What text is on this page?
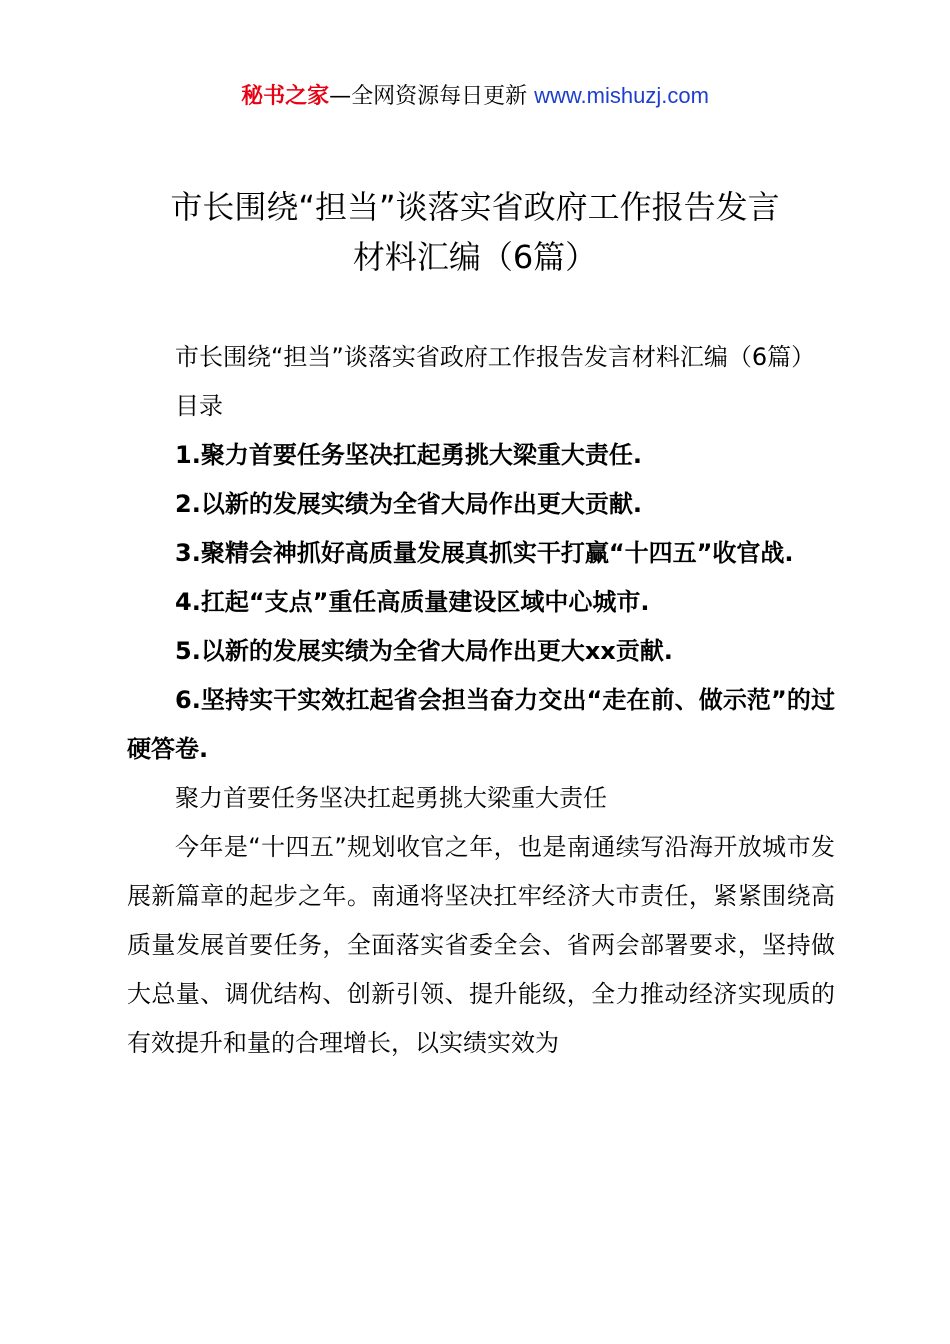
秘书之家—全网资源每日更新 www.mishuzj.com
市长围绕“担当”谈落实省政府工作报告发言
材料汇编（6篇）

市长围绕“担当”谈落实省政府工作报告发言材料汇编（6篇）

目录

1.聚力首要任务坚决扛起勇挑大梁重大责任.

2.以新的发展实绩为全省大局作出更大贡献.

3.聚精会神抓好高质量发展真抓实干打赢“十四五”收官战.

4.扛起“支点”重任高质量建设区域中心城市.

5.以新的发展实绩为全省大局作出更大xx贡献.

6.坚持实干实效扛起省会担当奋力交出“走在前、做示范”的过硬答卷.

聚力首要任务坚决扛起勇挑大梁重大责任

今年是“十四五”规划收官之年，也是南通续写沿海开放城市发展新篇章的起步之年。南通将坚决扛牢经济大市责任，紧紧围绕高质量发展首要任务，全面落实省委全会、省两会部署要求，坚持做大总量、调优结构、创新引领、提升能级，全力推动经济实现质的有效提升和量的合理增长，以实绩实效为
